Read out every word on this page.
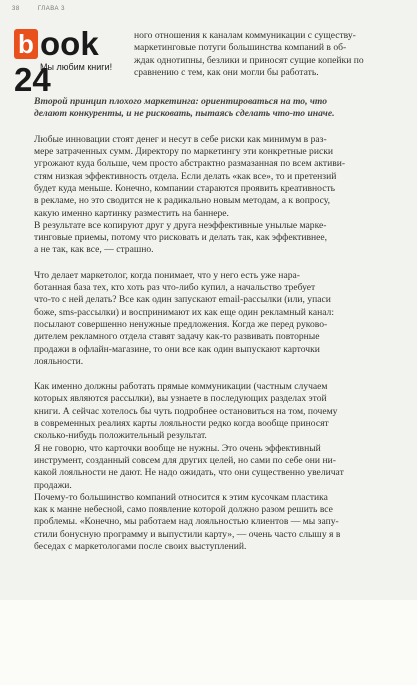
38	ГЛАВА 3

ного отношения к каналам коммуникации с существу-
маркетинговые потуги большинства компаний в об-
ждак однотипны, безлики и приносят сущие копейки по
сравнению с тем, как они могли бы работать.

Второй принцип плохого маркетинга: ориентироваться на то, что
делают конкуренты, и не рисковать, пытаясь сделать что-то иначе.

Любые инновации стоят денег и несут в себе риски как минимум в раз-
мере затраченных сумм. Директору по маркетингу эти конкретные риски
угрожают куда больше, чем просто абстрактно размазанная по всем активи-
стям низкая эффективность отдела. Если делать «как все», то и претензий
будет куда меньше. Конечно, компании стараются проявить креативность
в рекламе, но это сводится не к радикально новым методам, а к вопросу,
какую именно картинку разместить на баннере.

В результате все копируют друг у друга неэффективные унылые марке-
тинговые приемы, потому что рисковать и делать так, как эффективнее,
а не так, как все, — страшно.

Что делает маркетолог, когда понимает, что у него есть уже нара-
ботанная база тех, кто хоть раз что-либо купил, а начальство требует
что-то с ней делать? Все как один запускают email-рассылки (или, упаси
боже, sms-рассылки) и воспринимают их как еще один рекламный канал:
посылают совершенно ненужные предложения. Когда же перед руково-
дителем рекламного отдела ставят задачу как-то развивать повторные
продажи в офлайн-магазине, то они все как один выпускают карточки
лояльности.

Как именно должны работать прямые коммуникации (частным случаем
которых являются рассылки), вы узнаете в последующих разделах этой
книги. А сейчас хотелось бы чуть подробнее остановиться на том, почему
в современных реалиях карты лояльности редко когда вообще приносят
сколько-нибудь положительный результат.

Я не говорю, что карточки вообще не нужны. Это очень эффективный
инструмент, созданный совсем для других целей, но сами по себе они ни-
какой лояльности не дают. Не надо ожидать, что они существенно увеличат
продажи.

Почему-то большинство компаний относится к этим кусочкам пластика
как к манне небесной, само появление которой должно разом решить все
проблемы. «Конечно, мы работаем над лояльностью клиентов — мы запу-
стили бонусную программу и выпустили карту», — очень часто слышу я в
беседах с маркетологами после своих выступлений.

b ook 24
Мы любим книги!
